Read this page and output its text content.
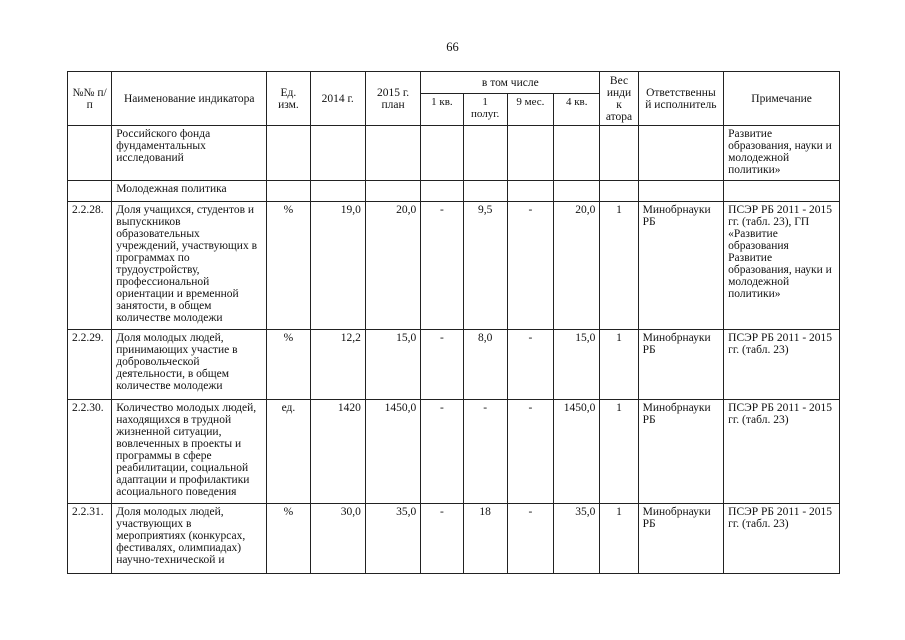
66
№№ п/п	Наименование индикатора	Ед. изм.	2014 г.	2015 г. план	в том числе				Вес индик атора	Ответственны й исполнитель	Примечание
					1 кв.	1 полуг.	9 мес.	4 кв.			
	Российского фонда фундаментальных исследований										Развитие образования, науки и молодежной политики»
	Молодежная политика										
2.2.28.	Доля учащихся, студентов и выпускников образовательных учреждений, участвующих в программах по трудоустройству, профессиональной ориентации и временной занятости, в общем количестве молодежи	%	19,0	20,0	-	9,5	-	20,0	1	Минобрнауки РБ	ПСЭР РБ 2011 - 2015 гг. (табл. 23), ГП «Развитие образования Развитие образования, науки и молодежной политики»
2.2.29.	Доля молодых людей, принимающих участие в добровольческой деятельности, в общем количестве молодежи	%	12,2	15,0	-	8,0	-	15,0	1	Минобрнауки РБ	ПСЭР РБ 2011 - 2015 гг. (табл. 23)
2.2.30.	Количество молодых людей, находящихся в трудной жизненной ситуации, вовлеченных в проекты и программы в сфере реабилитации, социальной адаптации и профилактики асоциального поведения	ед.	1420	1450,0	-	-	-	1450,0	1	Минобрнауки РБ	ПСЭР РБ 2011 - 2015 гг. (табл. 23)
2.2.31.	Доля молодых людей, участвующих в мероприятиях (конкурсах, фестивалях, олимпиадах) научно-технической и	%	30,0	35,0	-	18	-	35,0	1	Минобрнауки РБ	ПСЭР РБ 2011 - 2015 гг. (табл. 23)
